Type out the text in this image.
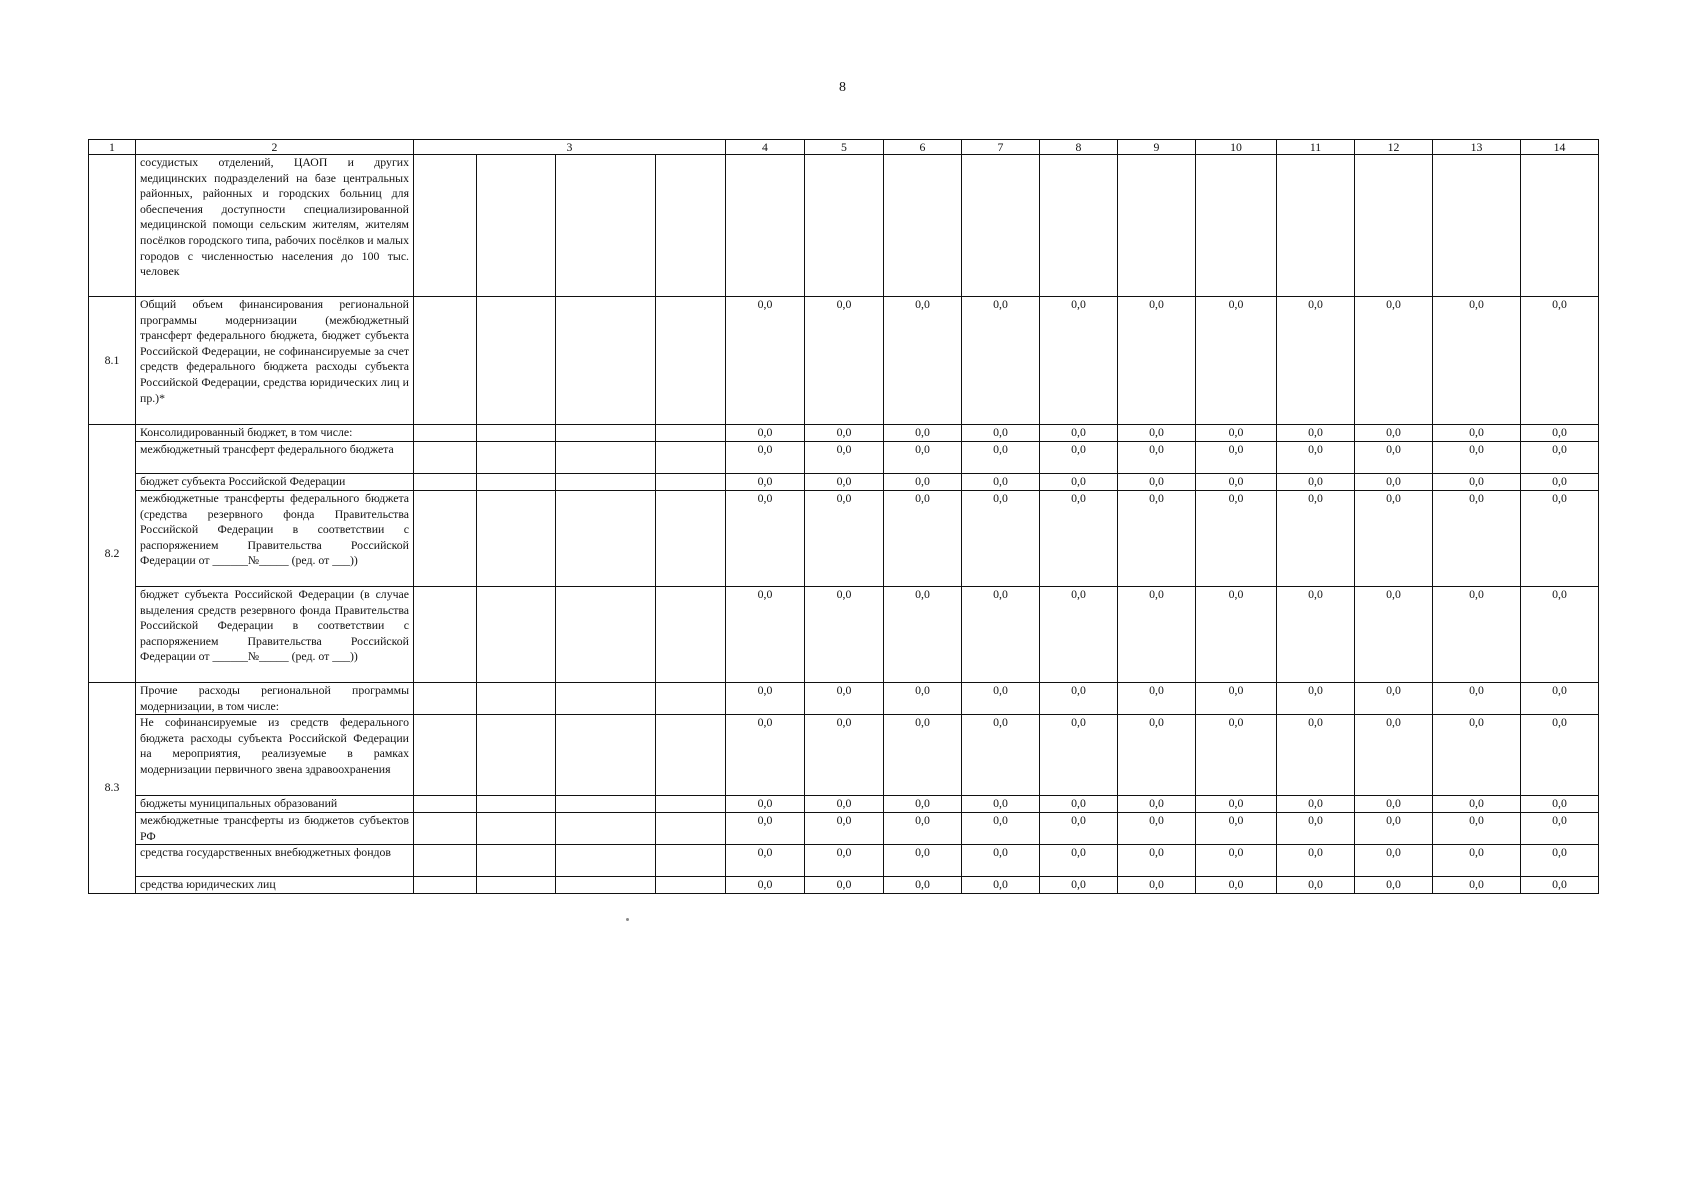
8
1	2	3				4	5	6	7	8	9	10	11	12	13	14
	сосудистых отделений, ЦАОП и других медицинских подразделений на базе центральных районных, районных и городских больниц для обеспечения доступности специализированной медицинской помощи сельским жителям, жителям посёлков городского типа, рабочих посёлков и малых городов с численностью населения до 100 тыс. человек															
8.1	Общий объем финансирования региональной программы модернизации (межбюджетный трансферт федерального бюджета, бюджет субъекта Российской Федерации, не софинансируемые за счет средств федерального бюджета расходы субъекта Российской Федерации, средства юридических лиц и пр.)*					0,0	0,0	0,0	0,0	0,0	0,0	0,0	0,0	0,0	0,0	0,0
8.2	Консолидированный бюджет, в том числе:					0,0	0,0	0,0	0,0	0,0	0,0	0,0	0,0	0,0	0,0	0,0
	межбюджетный трансферт федерального бюджета					0,0	0,0	0,0	0,0	0,0	0,0	0,0	0,0	0,0	0,0	0,0
	бюджет субъекта Российской Федерации					0,0	0,0	0,0	0,0	0,0	0,0	0,0	0,0	0,0	0,0	0,0
	межбюджетные трансферты федерального бюджета (средства резервного фонда Правительства Российской Федерации в соответствии с распоряжением Правительства Российской Федерации от ______№_____ (ред. от ___))					0,0	0,0	0,0	0,0	0,0	0,0	0,0	0,0	0,0	0,0	0,0
	бюджет субъекта Российской Федерации (в случае выделения средств резервного фонда Правительства Российской Федерации в соответствии с распоряжением Правительства Российской Федерации от ______№_____ (ред. от ___))					0,0	0,0	0,0	0,0	0,0	0,0	0,0	0,0	0,0	0,0	0,0
8.3	Прочие расходы региональной программы модернизации, в том числе:					0,0	0,0	0,0	0,0	0,0	0,0	0,0	0,0	0,0	0,0	0,0
	Не софинансируемые из средств федерального бюджета расходы субъекта Российской Федерации на мероприятия, реализуемые в рамках модернизации первичного звена здравоохранения					0,0	0,0	0,0	0,0	0,0	0,0	0,0	0,0	0,0	0,0	0,0
	бюджеты муниципальных образований					0,0	0,0	0,0	0,0	0,0	0,0	0,0	0,0	0,0	0,0	0,0
	межбюджетные трансферты из бюджетов субъектов РФ					0,0	0,0	0,0	0,0	0,0	0,0	0,0	0,0	0,0	0,0	0,0
	средства государственных внебюджетных фондов					0,0	0,0	0,0	0,0	0,0	0,0	0,0	0,0	0,0	0,0	0,0
	средства юридических лиц					0,0	0,0	0,0	0,0	0,0	0,0	0,0	0,0	0,0	0,0	0,0
